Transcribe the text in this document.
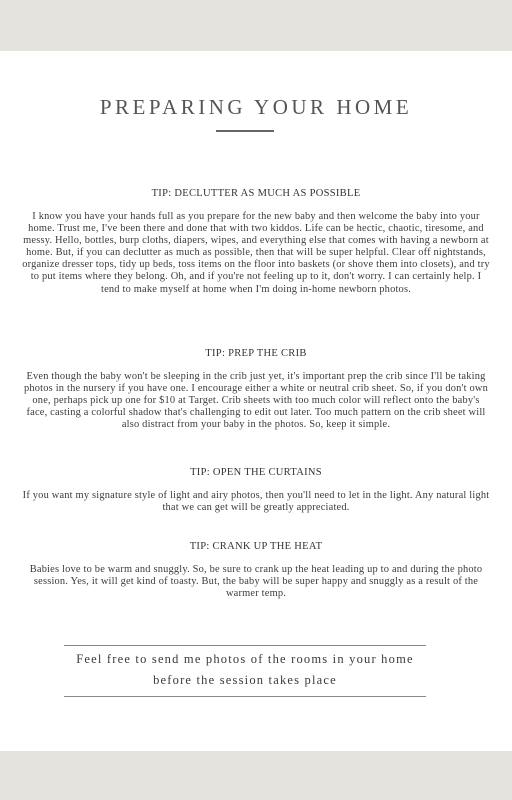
PREPARING YOUR HOME
TIP: DECLUTTER AS MUCH AS POSSIBLE

I know you have your hands full as you prepare for the new baby and then welcome the baby into your home. Trust me, I've been there and done that with two kiddos. Life can be hectic, chaotic, tiresome, and messy. Hello, bottles, burp cloths, diapers, wipes, and everything else that comes with having a newborn at home. But, if you can declutter as much as possible, then that will be super helpful. Clear off nightstands, organize dresser tops, tidy up beds, toss items on the floor into baskets (or shove them into closets), and try to put items where they belong. Oh, and if you're not feeling up to it, don't worry. I can certainly help. I tend to make myself at home when I'm doing in-home newborn photos.

TIP: PREP THE CRIB

Even though the baby won't be sleeping in the crib just yet, it's important prep the crib since I'll be taking photos in the nursery if you have one. I encourage either a white or neutral crib sheet. So, if you don't own one, perhaps pick up one for $10 at Target. Crib sheets with too much color will reflect onto the baby's face, casting a colorful shadow that's challenging to edit out later. Too much pattern on the crib sheet will also distract from your baby in the photos. So, keep it simple.

TIP: OPEN THE CURTAINS

If you want my signature style of light and airy photos, then you'll need to let in the light. Any natural light that we can get will be greatly appreciated.

TIP: CRANK UP THE HEAT

Babies love to be warm and snuggly. So, be sure to crank up the heat leading up to and during the photo session. Yes, it will get kind of toasty. But, the baby will be super happy and snuggly as a result of the warmer temp.

Feel free to send me photos of the rooms in your home before the session takes place
